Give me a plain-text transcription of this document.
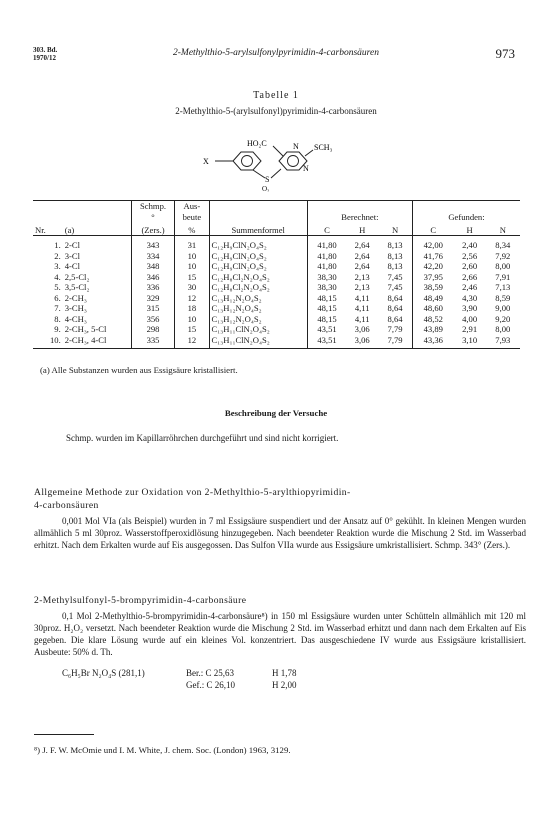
303. Bd.
1970/12	2-Methylthio-5-arylsulfonylpyrimidin-4-carbonsäuren	973
Tabelle 1
2-Methylthio-5-(arylsulfonyl)pyrimidin-4-carbonsäuren
X
S
O₂
HO₂C	N SCH₃
N
		Schmp.
°	Aus-
beute		Berechnet:			Gefunden:		
Nr.	(a)	(Zers.)	%	Summenformel	C	H	N	C	H	N
1.	2-Cl	343	31	C₁₂H₉ClN₂O₄S₂	41,80	2,64	8,13	42,00	2,40	8,34
2.	3-Cl	334	10	C₁₂H₉ClN₂O₄S₂	41,80	2,64	8,13	41,76	2,56	7,92
3.	4-Cl	348	10	C₁₂H₉ClN₂O₄S₂	41,80	2,64	8,13	42,20	2,60	8,00
4.	2,5-Cl₂	346	15	C₁₂H₈Cl₂N₂O₄S₂	38,30	2,13	7,45	37,95	2,66	7,91
5.	3,5-Cl₂	336	30	C₁₂H₈Cl₂N₂O₄S₂	38,30	2,13	7,45	38,59	2,46	7,13
6.	2-CH₃	329	12	C₁₃H₁₂N₂O₄S₂	48,15	4,11	8,64	48,49	4,30	8,59
7.	3-CH₃	315	18	C₁₃H₁₂N₂O₄S₂	48,15	4,11	8,64	48,60	3,90	9,00
8.	4-CH₃	356	10	C₁₃H₁₂N₂O₄S₂	48,15	4,11	8,64	48,52	4,00	9,20
9.	2-CH₃, 5-Cl	298	15	C₁₃H₁₁ClN₂O₄S₂	43,51	3,06	7,79	43,89	2,91	8,00
10.	2-CH₃, 4-Cl	335	12	C₁₃H₁₁ClN₂O₄S₂	43,51	3,06	7,79	43,36	3,10	7,93
(a) Alle Substanzen wurden aus Essigsäure kristallisiert.
Beschreibung der Versuche
Schmp. wurden im Kapillarröhrchen durchgeführt und sind nicht korrigiert.
Allgemeine Methode zur Oxidation von 2-Methylthio-5-arylthiopyrimidin-
4-carbonsäuren
0,001 Mol VIa (als Beispiel) wurden in 7 ml Essigsäure suspendiert und der Ansatz auf 0° gekühlt. In kleinen Mengen wurden allmählich 5 ml 30proz. Wasserstoffperoxidlösung hinzugegeben. Nach beendeter Reaktion wurde die Mischung 2 Std. im Wasserbad erhitzt. Nach dem Erkalten wurde auf Eis ausgegossen. Das Sulfon VIIa wurde aus Essigsäure umkristallisiert. Schmp. 343° (Zers.).
2-Methylsulfonyl-5-brompyrimidin-4-carbonsäure
0,1 Mol 2-Methylthio-5-brompyrimidin-4-carbonsäure⁸) in 150 ml Essigsäure wurden unter Schütteln allmählich mit 120 ml 30proz. H₂O₂ versetzt. Nach beendeter Reaktion wurde die Mischung 2 Std. im Wasserbad erhitzt und dann nach dem Erkalten auf Eis gegeben. Die klare Lösung wurde auf ein kleines Vol. konzentriert. Das ausgeschiedene IV wurde aus Essigsäure kristallisiert. Ausbeute: 50% d. Th.
C₆H₅Br N₂O₄S (281,1)	Ber.: C 25,63	H 1,78
Gef.: C 26,10	H 2,00
⁸) J. F. W. McOmie und I. M. White, J. chem. Soc. (London) 1963, 3129.
